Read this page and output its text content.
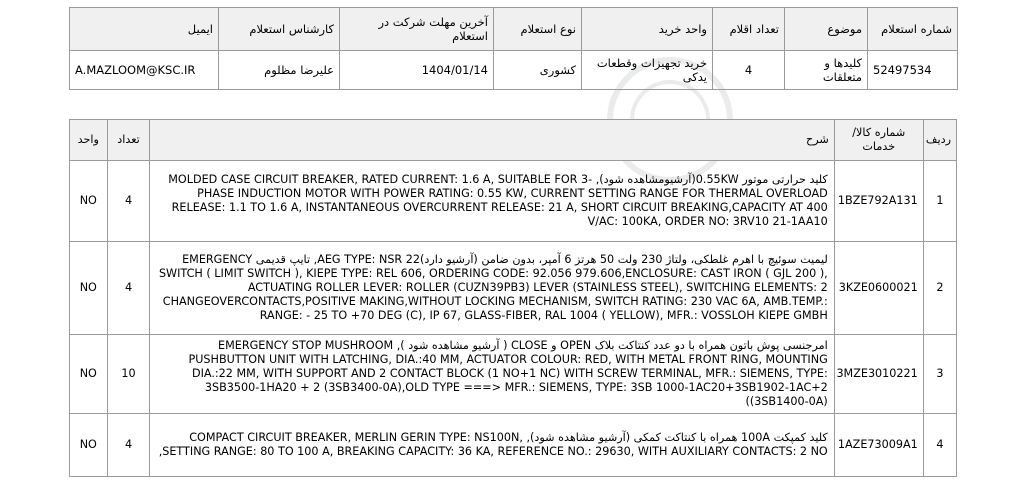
شماره استعلام	موضوع	تعداد اقلام	واحد خرید	نوع استعلام	آخرین مهلت شرکت در استعلام	کارشناس استعلام	ایمیل
52497534	کلیدها و متعلقات	4	خرید تجهیزات وقطعات یدکی	کشوری	1404/01/14	علیرضا مظلوم	A.MAZLOOM@KSC.IR
ردیف	شماره کالا/خدمات	شرح	تعداد	واحد
1	1BZE792A131	کلید حرارتی موتور 0.55KW(آرشیومشاهده شود), MOLDED CASE CIRCUIT BREAKER, RATED CURRENT: 1.6 A, SUITABLE FOR 3-PHASE INDUCTION MOTOR WITH POWER RATING: 0.55 KW, CURRENT SETTING RANGE FOR THERMAL OVERLOAD RELEASE: 1.1 TO 1.6 A, INSTANTANEOUS OVERCURRENT RELEASE: 21 A, SHORT CIRCUIT BREAKING,CAPACITY AT 400 V/AC: 100KA, ORDER NO: 3RV10 21-1AA10	4	NO
2	3KZE0600021	لیمیت سوئیچ با اهرم غلطکی، ولتاژ 230 ولت 50 هرتز 6 آمپر، بدون ضامن (آرشیو دارد)AEG TYPE: NSR 22, تایپ قدیمی EMERGENCY SWITCH ( LIMIT SWITCH ), KIEPE TYPE: REL 606, ORDERING CODE: 92.056 979.606,ENCLOSURE: CAST IRON ( GJL 200 ), ACTUATING ROLLER LEVER: ROLLER (CUZN39PB3) LEVER (STAINLESS STEEL), SWITCHING ELEMENTS: 2 CHANGEOVERCONTACTS,POSITIVE MAKING,WITHOUT LOCKING MECHANISM, SWITCH RATING: 230 VAC 6A, AMB.TEMP.: RANGE: - 25 TO +70 DEG (C), IP 67, GLASS-FIBER, RAL 1004 ( YELLOW), MFR.: VOSSLOH KIEPE GMBH	4	NO
3	3MZE3010221	امرجنسی پوش باتون همراه با دو عدد کنتاکت بلاک OPEN و CLOSE ( آرشیو مشاهده شود ), EMERGENCY STOP MUSHROOM PUSHBUTTON UNIT WITH LATCHING, DIA.:40 MM, ACTUATOR COLOUR: RED, WITH METAL FRONT RING, MOUNTING DIA.:22 MM, WITH SUPPORT AND 2 CONTACT BLOCK (1 NO+1 NC) WITH SCREW TERMINAL, MFR.: SIEMENS, TYPE: 3SB3500-1HA20 + 2 (3SB3400-0A),OLD TYPE ===> MFR.: SIEMENS, TYPE: 3SB 1000-1AC20+3SB1902-1AC+2 (3SB1400-0A))	10	NO
4	1AZE73009A1	کلید کمپکت 100A همراه با کنتاکت کمکی (آرشیو مشاهده شود), COMPACT CIRCUIT BREAKER, MERLIN GERIN TYPE: NS100N, SETTING RANGE: 80 TO 100 A, BREAKING CAPACITY: 36 KA, REFERENCE NO.: 29630, WITH AUXILIARY CONTACTS: 2 NO,	4	NO
